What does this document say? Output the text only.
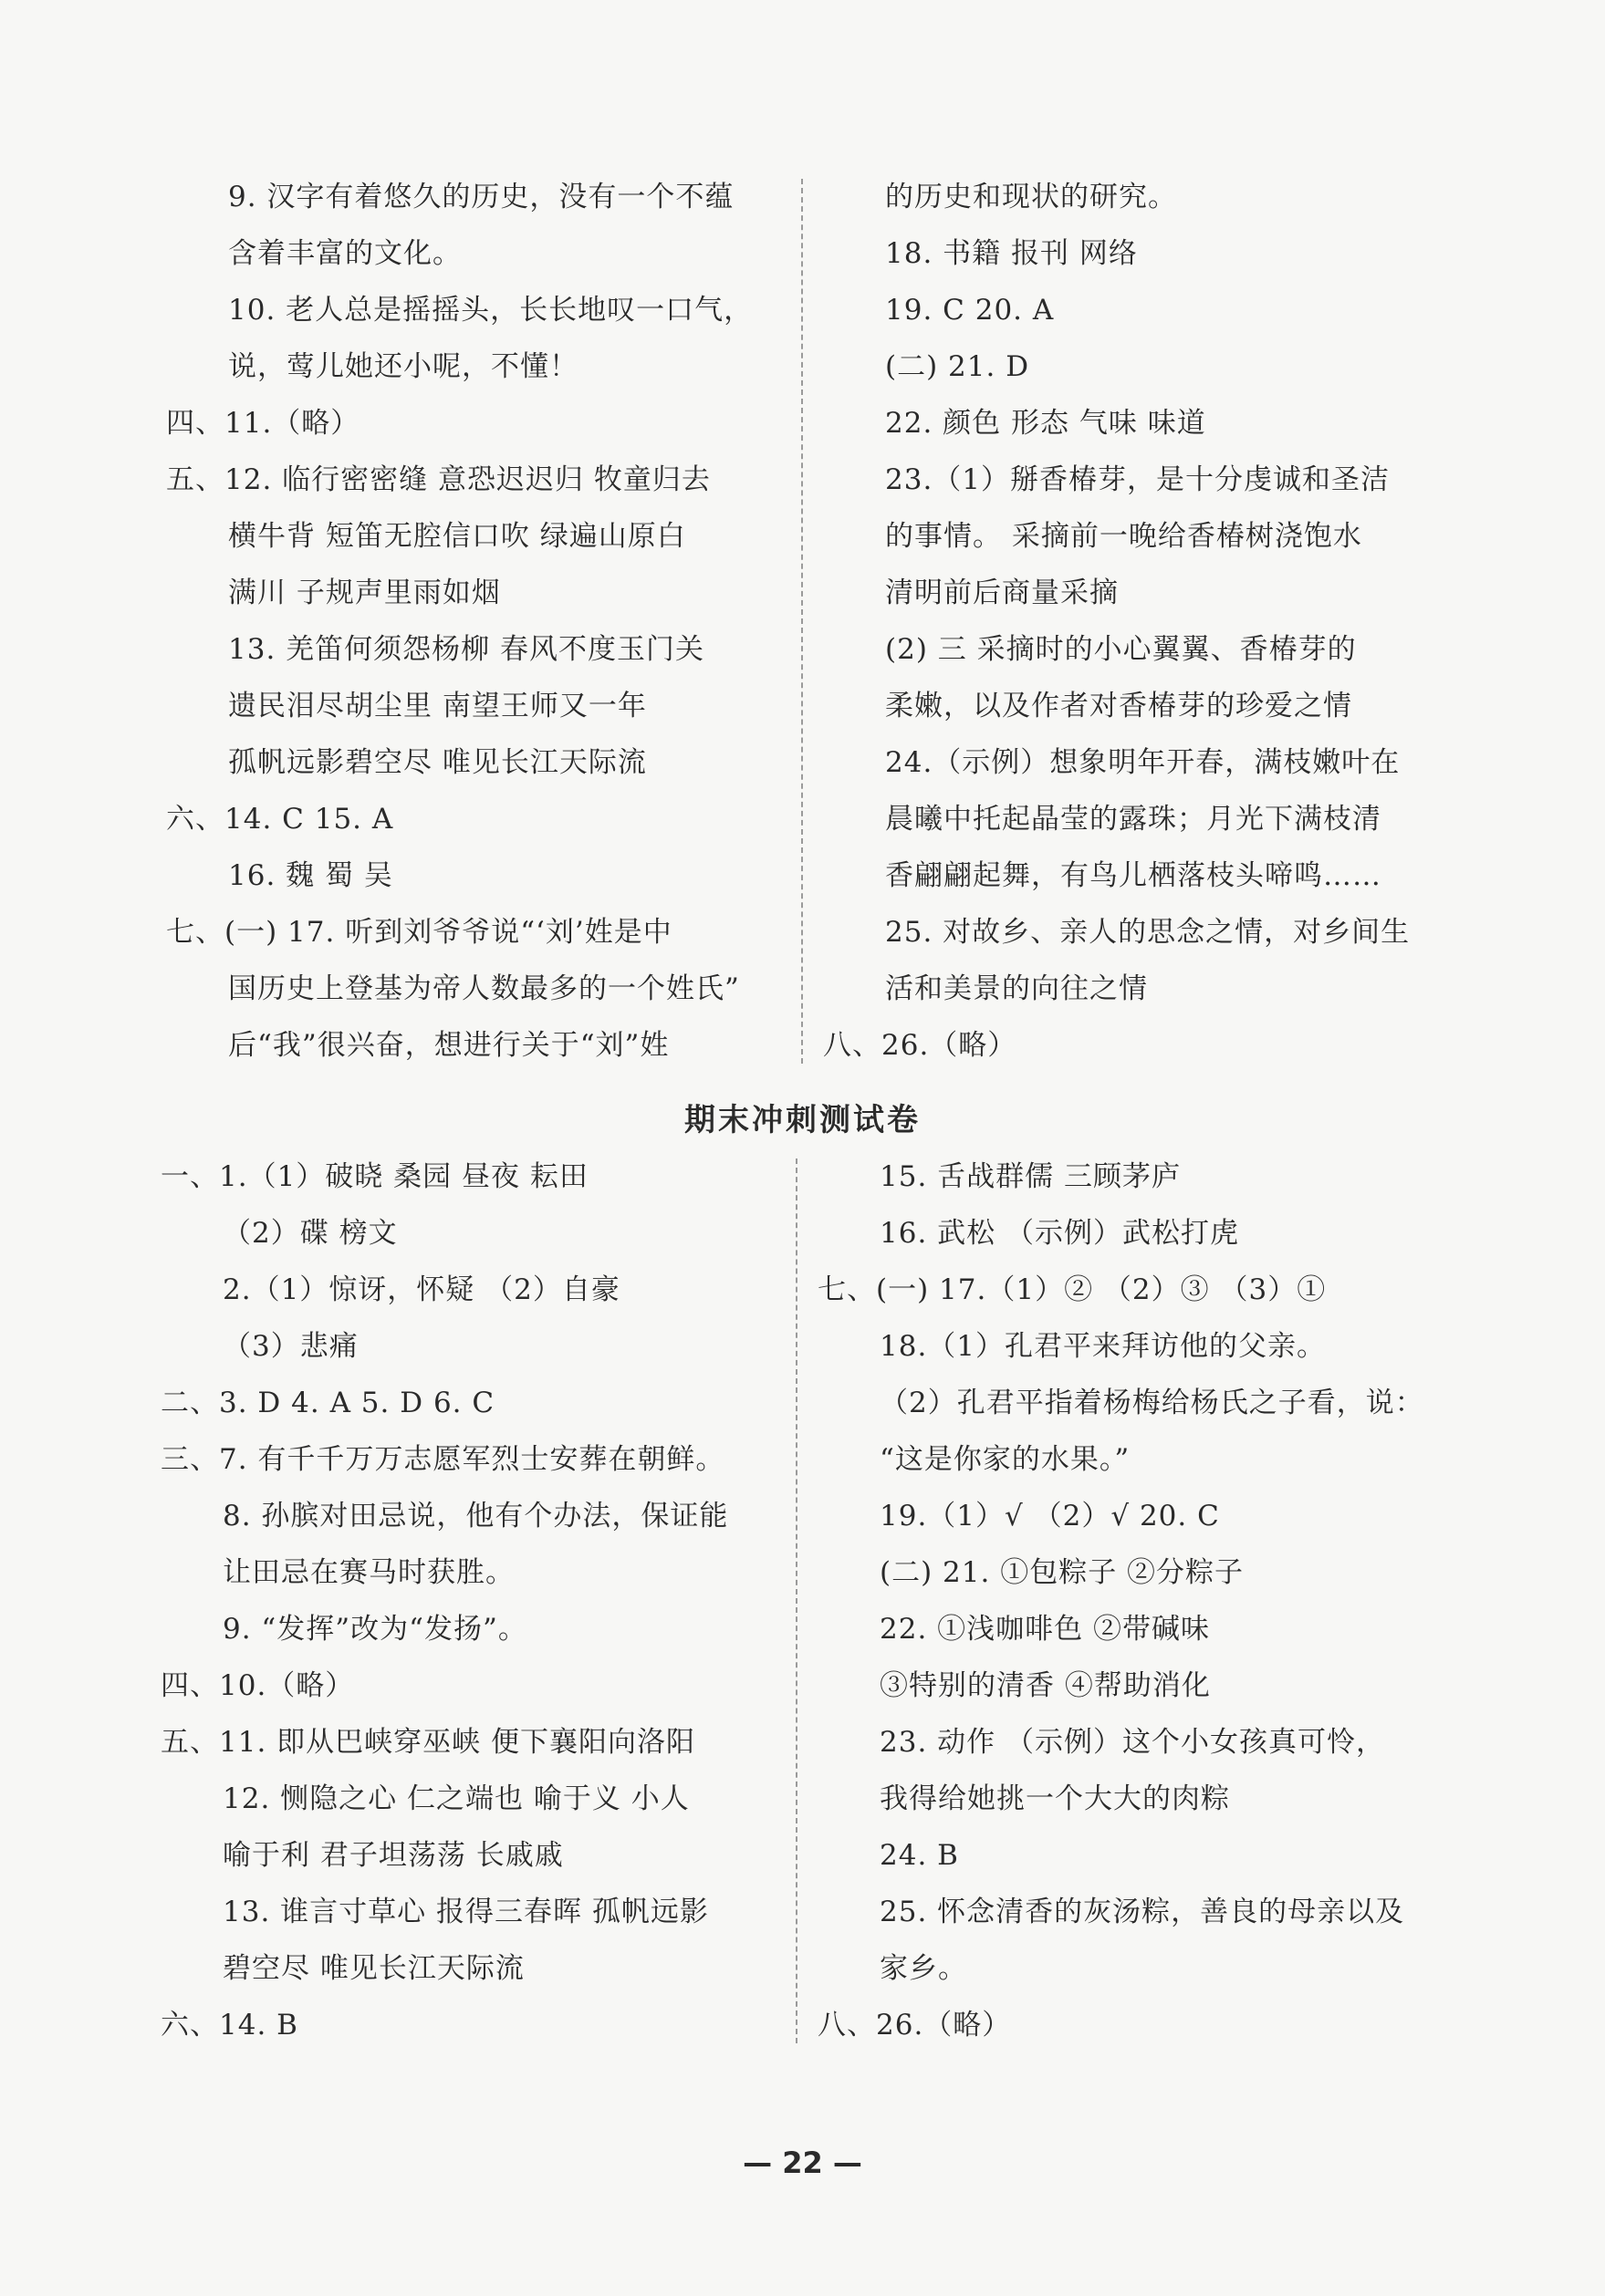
9. 汉字有着悠久的历史，没有一个不蕴
含着丰富的文化。
10. 老人总是摇摇头，长长地叹一口气，
说，莺儿她还小呢，不懂！
四、11.（略）
五、12. 临行密密缝 意恐迟迟归 牧童归去
横牛背 短笛无腔信口吹 绿遍山原白
满川 子规声里雨如烟
13. 羌笛何须怨杨柳 春风不度玉门关
遗民泪尽胡尘里 南望王师又一年
孤帆远影碧空尽 唯见长江天际流
六、14. C 15. A
16. 魏 蜀 吴
七、(一) 17. 听到刘爷爷说“‘刘’姓是中
国历史上登基为帝人数最多的一个姓氏”
后“我”很兴奋，想进行关于“刘”姓
的历史和现状的研究。
18. 书籍 报刊 网络
19. C 20. A
(二) 21. D
22. 颜色 形态 气味 味道
23.（1）掰香椿芽，是十分虔诚和圣洁
的事情。 采摘前一晚给香椿树浇饱水
清明前后商量采摘
(2) 三 采摘时的小心翼翼、香椿芽的
柔嫩，以及作者对香椿芽的珍爱之情
24.（示例）想象明年开春，满枝嫩叶在
晨曦中托起晶莹的露珠；月光下满枝清
香翩翩起舞，有鸟儿栖落枝头啼鸣……
25. 对故乡、亲人的思念之情，对乡间生
活和美景的向往之情
八、26.（略）
期末冲刺测试卷
一、1.（1）破晓 桑园 昼夜 耘田
（2）碟 榜文
2.（1）惊讶，怀疑 （2）自豪
（3）悲痛
二、3. D 4. A 5. D 6. C
三、7. 有千千万万志愿军烈士安葬在朝鲜。
8. 孙膑对田忌说，他有个办法，保证能
让田忌在赛马时获胜。
9. “发挥”改为“发扬”。
四、10.（略）
五、11. 即从巴峡穿巫峡 便下襄阳向洛阳
12. 恻隐之心 仁之端也 喻于义 小人
喻于利 君子坦荡荡 长戚戚
13. 谁言寸草心 报得三春晖 孤帆远影
碧空尽 唯见长江天际流
六、14. B
15. 舌战群儒 三顾茅庐
16. 武松 （示例）武松打虎
七、(一) 17.（1）② （2）③ （3）①
18.（1）孔君平来拜访他的父亲。
（2）孔君平指着杨梅给杨氏之子看，说：
“这是你家的水果。”
19.（1）√ （2）√ 20. C
(二) 21. ①包粽子 ②分粽子
22. ①浅咖啡色 ②带碱味
③特别的清香 ④帮助消化
23. 动作 （示例）这个小女孩真可怜，
我得给她挑一个大大的肉粽
24. B
25. 怀念清香的灰汤粽，善良的母亲以及
家乡。
八、26.（略）
— 22 —
